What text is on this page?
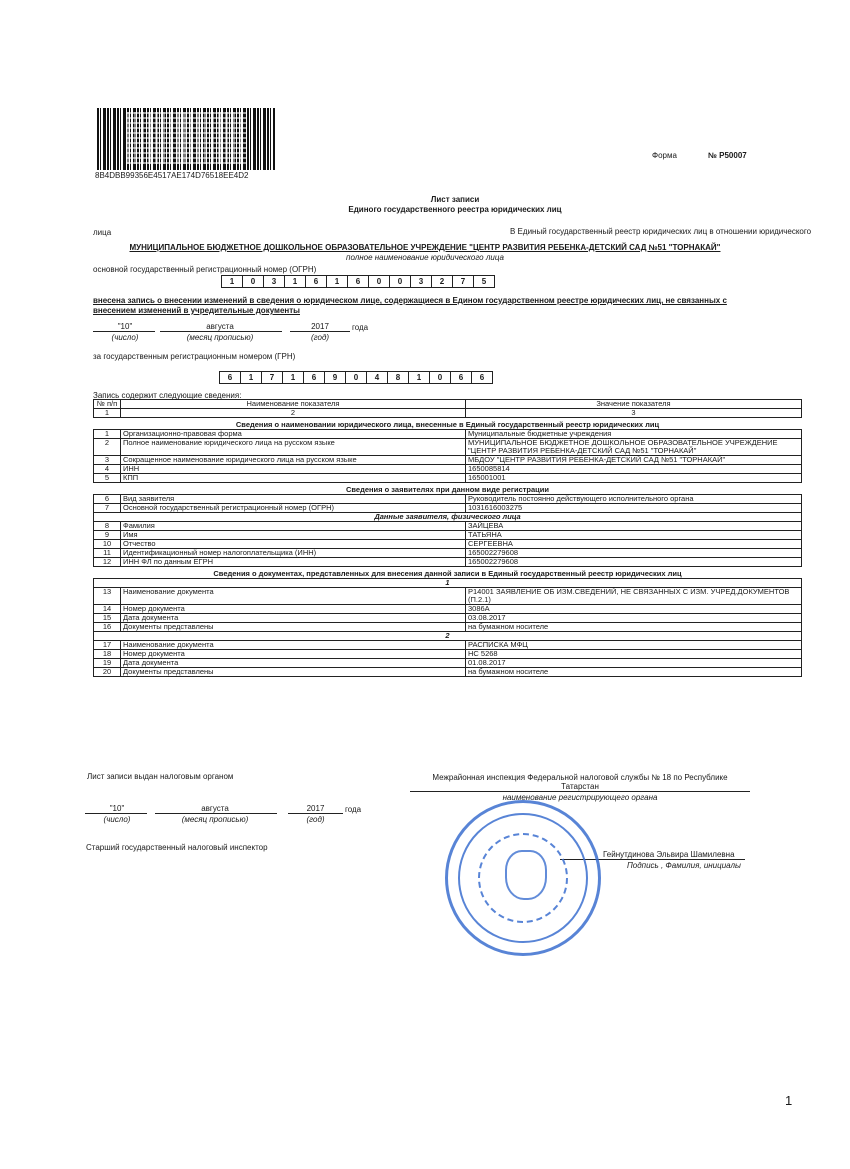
8B4DBB99356E4517AE174D76518EE4D2
Форма	№ Р50007
Лист записи
Единого государственного реестра юридических лиц
В Единый государственный реестр юридических лиц в отношении юридического
лица
МУНИЦИПАЛЬНОЕ БЮДЖЕТНОЕ ДОШКОЛЬНОЕ ОБРАЗОВАТЕЛЬНОЕ УЧРЕЖДЕНИЕ "ЦЕНТР РАЗВИТИЯ РЕБЕНКА-ДЕТСКИЙ САД №51 "ТОРНАКАЙ"
полное наименование юридического лица
основной государственный регистрационный номер (ОГРН)
1	0	3	1	6	1	6	0	0	3	2	7	5
внесена запись о внесении изменений в сведения о юридическом лице, содержащиеся в Едином государственном реестре юридических лиц, не связанных с внесением изменений в учредительные документы
"10"	августа	2017	года
(число)	(месяц прописью)	(год)
за государственным регистрационным номером (ГРН)
6	1	7	1	6	9	0	4	8	1	0	6	6
Запись содержит следующие сведения:
№ п/п	Наименование показателя	Значение показателя
1	2	3
Сведения о наименовании юридического лица, внесенные в Единый государственный реестр юридических лиц		
1	Организационно-правовая форма	Муниципальные бюджетные учреждения
2	Полное наименование юридического лица на русском языке	МУНИЦИПАЛЬНОЕ БЮДЖЕТНОЕ ДОШКОЛЬНОЕ ОБРАЗОВАТЕЛЬНОЕ УЧРЕЖДЕНИЕ "ЦЕНТР РАЗВИТИЯ РЕБЕНКА-ДЕТСКИЙ САД №51 "ТОРНАКАЙ"
3	Сокращенное наименование юридического лица на русском языке	МБДОУ "ЦЕНТР РАЗВИТИЯ РЕБЕНКА-ДЕТСКИЙ САД №51 "ТОРНАКАЙ"
4	ИНН	1650085814
5	КПП	165001001
Сведения о заявителях при данном виде регистрации		
6	Вид заявителя	Руководитель постоянно действующего исполнительного органа
7	Основной государственный регистрационный номер (ОГРН)	1031616003275
Данные заявителя, физического лица		
8	Фамилия	ЗАЙЦЕВА
9	Имя	ТАТЬЯНА
10	Отчество	СЕРГЕЕВНА
11	Идентификационный номер налогоплательщика (ИНН)	165002279608
12	ИНН ФЛ по данным ЕГРН	165002279608
Сведения о документах, представленных для внесения данной записи в Единый государственный реестр юридических лиц		
1		
13	Наименование документа	Р14001 ЗАЯВЛЕНИЕ ОБ ИЗМ.СВЕДЕНИЙ, НЕ СВЯЗАННЫХ С ИЗМ. УЧРЕД.ДОКУМЕНТОВ (П.2.1)
14	Номер документа	3086А
15	Дата документа	03.08.2017
16	Документы представлены	на бумажном носителе
2		
17	Наименование документа	РАСПИСКА МФЦ
18	Номер документа	НС 5268
19	Дата документа	01.08.2017
20	Документы представлены	на бумажном носителе
Лист записи выдан налоговым органом	Межрайонная инспекция Федеральной налоговой службы № 18 по Республике
Татарстан
наименование регистрирующего органа
"10"	августа	2017	года
(число)	(месяц прописью)	(год)
Старший государственный налоговый инспектор
Гейнутдинова Эльвира Шамилевна
Подпись , Фамилия, инициалы
1
